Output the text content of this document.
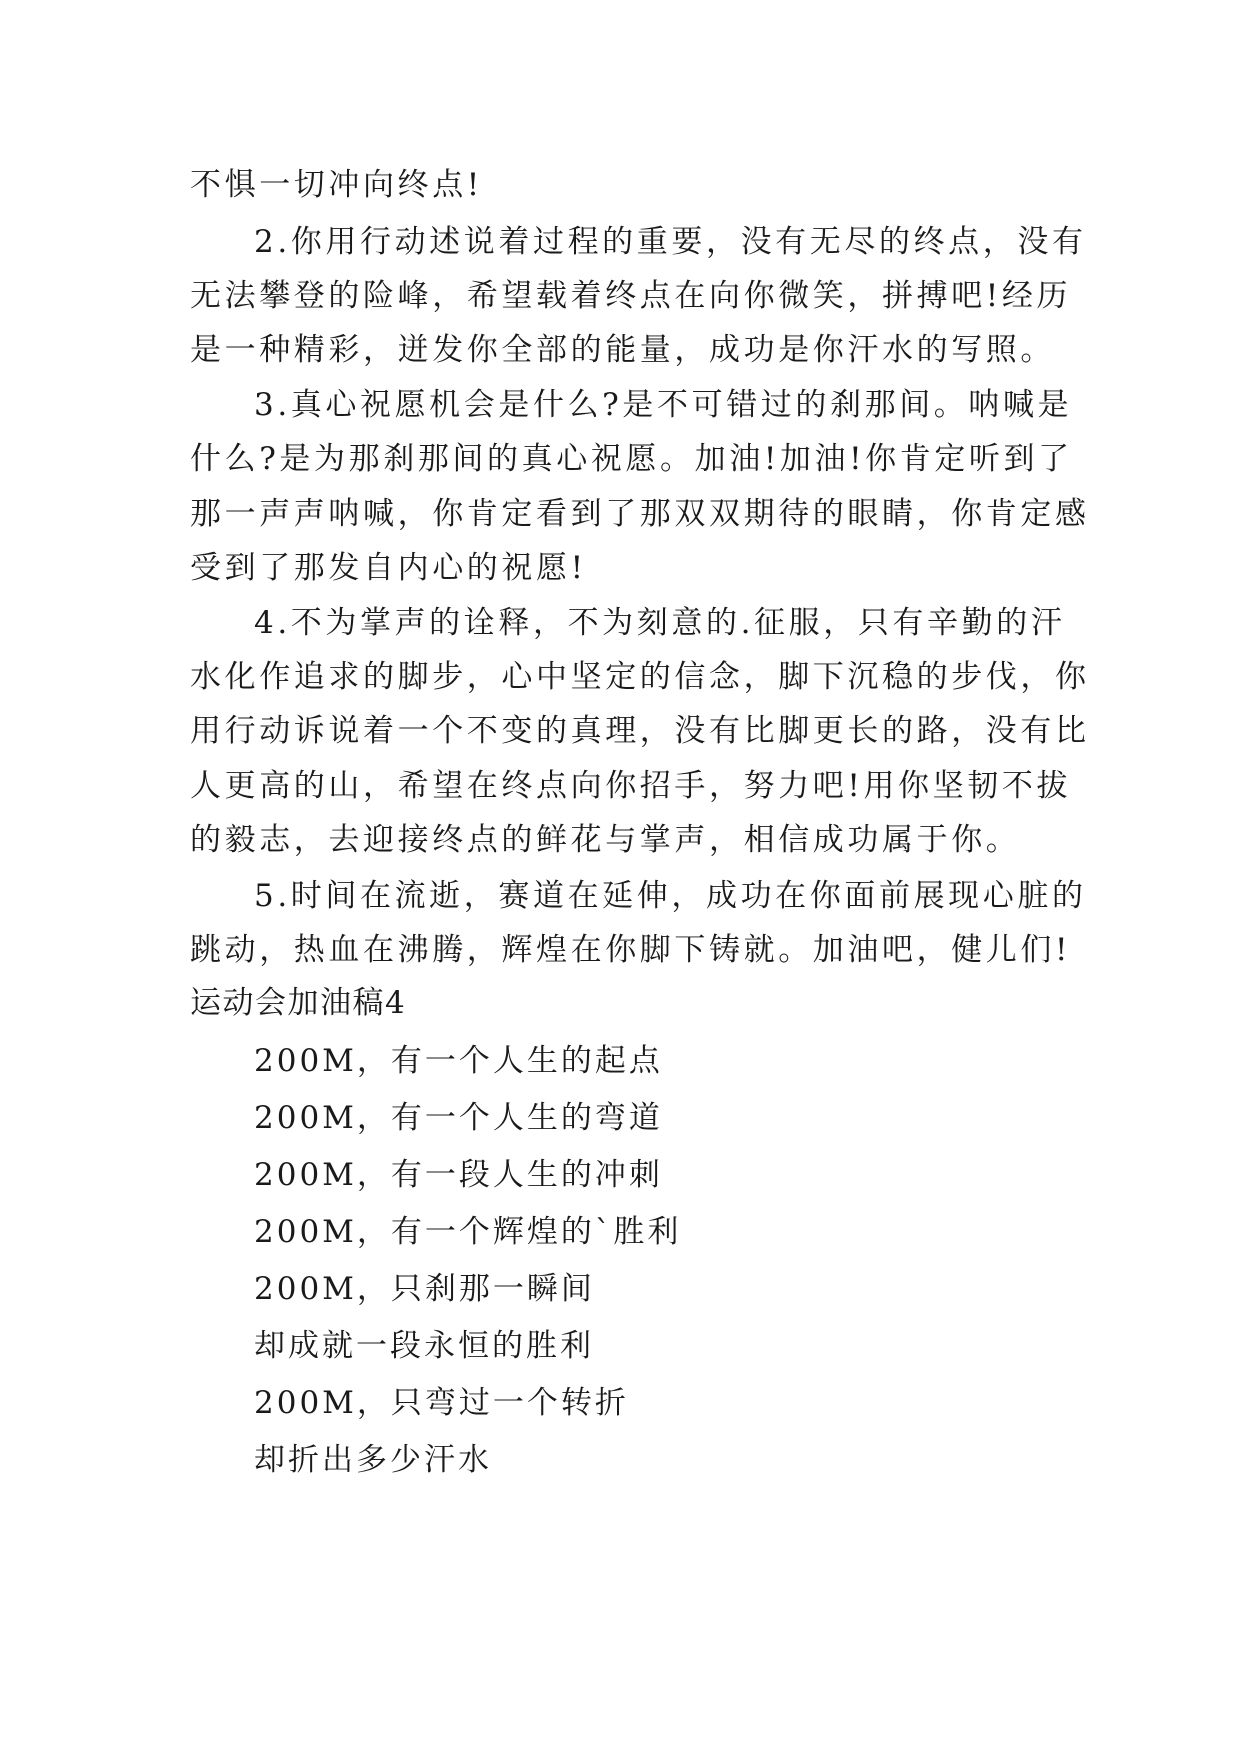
不惧一切冲向终点!
2.你用行动述说着过程的重要，没有无尽的终点，没有
无法攀登的险峰，希望载着终点在向你微笑，拼搏吧!经历
是一种精彩，迸发你全部的能量，成功是你汗水的写照。
3.真心祝愿机会是什么?是不可错过的刹那间。呐喊是
什么?是为那刹那间的真心祝愿。加油!加油!你肯定听到了
那一声声呐喊，你肯定看到了那双双期待的眼睛，你肯定感
受到了那发自内心的祝愿!
4.不为掌声的诠释，不为刻意的.征服，只有辛勤的汗
水化作追求的脚步，心中坚定的信念，脚下沉稳的步伐，你
用行动诉说着一个不变的真理，没有比脚更长的路，没有比
人更高的山，希望在终点向你招手，努力吧!用你坚韧不拔
的毅志，去迎接终点的鲜花与掌声，相信成功属于你。
5.时间在流逝，赛道在延伸，成功在你面前展现心脏的
跳动，热血在沸腾，辉煌在你脚下铸就。加油吧，健儿们!
运动会加油稿4
200M，有一个人生的起点
200M，有一个人生的弯道
200M，有一段人生的冲刺
200M，有一个辉煌的`胜利
200M，只刹那一瞬间
却成就一段永恒的胜利
200M，只弯过一个转折
却折出多少汗水
